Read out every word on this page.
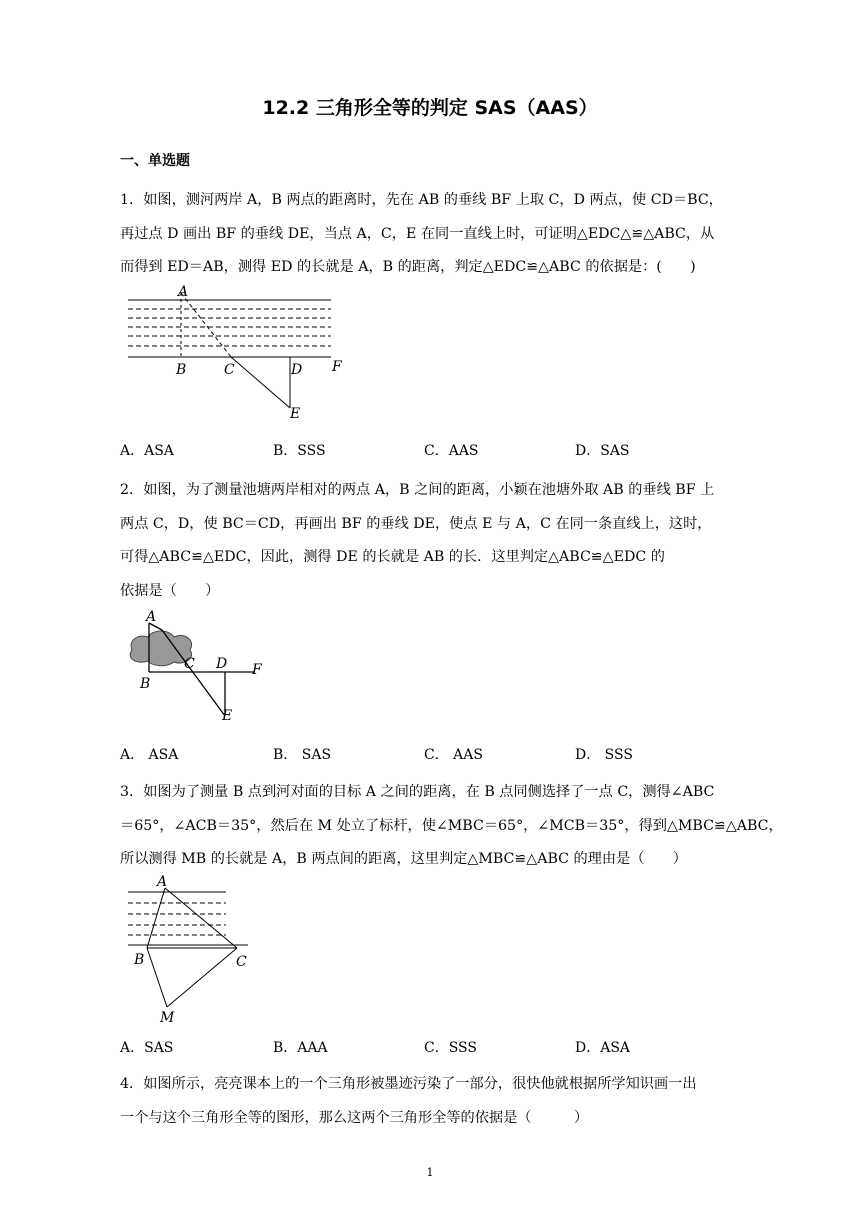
12.2 三角形全等的判定 SAS（AAS）
一、单选题
1．如图，测河两岸 A，B 两点的距离时，先在 AB 的垂线 BF 上取 C，D 两点，使 CD＝BC，
再过点 D 画出 BF 的垂线 DE，当点 A，C，E 在同一直线上时，可证明△EDC△≌△ABC，从
而得到 ED＝AB，测得 ED 的长就是 A，B 的距离，判定△EDC≌△ABC 的依据是：(　　)
A
B	C	D
E
F
A．ASA	B．SSS	C．AAS	D．SAS
2．如图，为了测量池塘两岸相对的两点 A，B 之间的距离，小颖在池塘外取 AB 的垂线 BF 上
两点 C，D，使 BC＝CD，再画出 BF 的垂线 DE，使点 E 与 A，C 在同一条直线上，这时，
可得△ABC≌△EDC，因此，测得 DE 的长就是 AB 的长．这里判定△ABC≌△EDC 的
依据是（　　）
A
B
C D
E
F
A． ASA	B． SAS	C． AAS	D． SSS
3．如图为了测量 B 点到河对面的目标 A 之间的距离，在 B 点同侧选择了一点 C，测得∠ABC
＝65°，∠ACB＝35°，然后在 M 处立了标杆，使∠MBC＝65°，∠MCB＝35°，得到△MBC≌△ABC，
所以测得 MB 的长就是 A，B 两点间的距离，这里判定△MBC≌△ABC 的理由是（　　）
A
B	C
M
A．SAS	B．AAA	C．SSS	D．ASA
4．如图所示，亮亮课本上的一个三角形被墨迹污染了一部分，很快他就根据所学知识画一出
一个与这个三角形全等的图形，那么这两个三角形全等的依据是（　　　）
1
